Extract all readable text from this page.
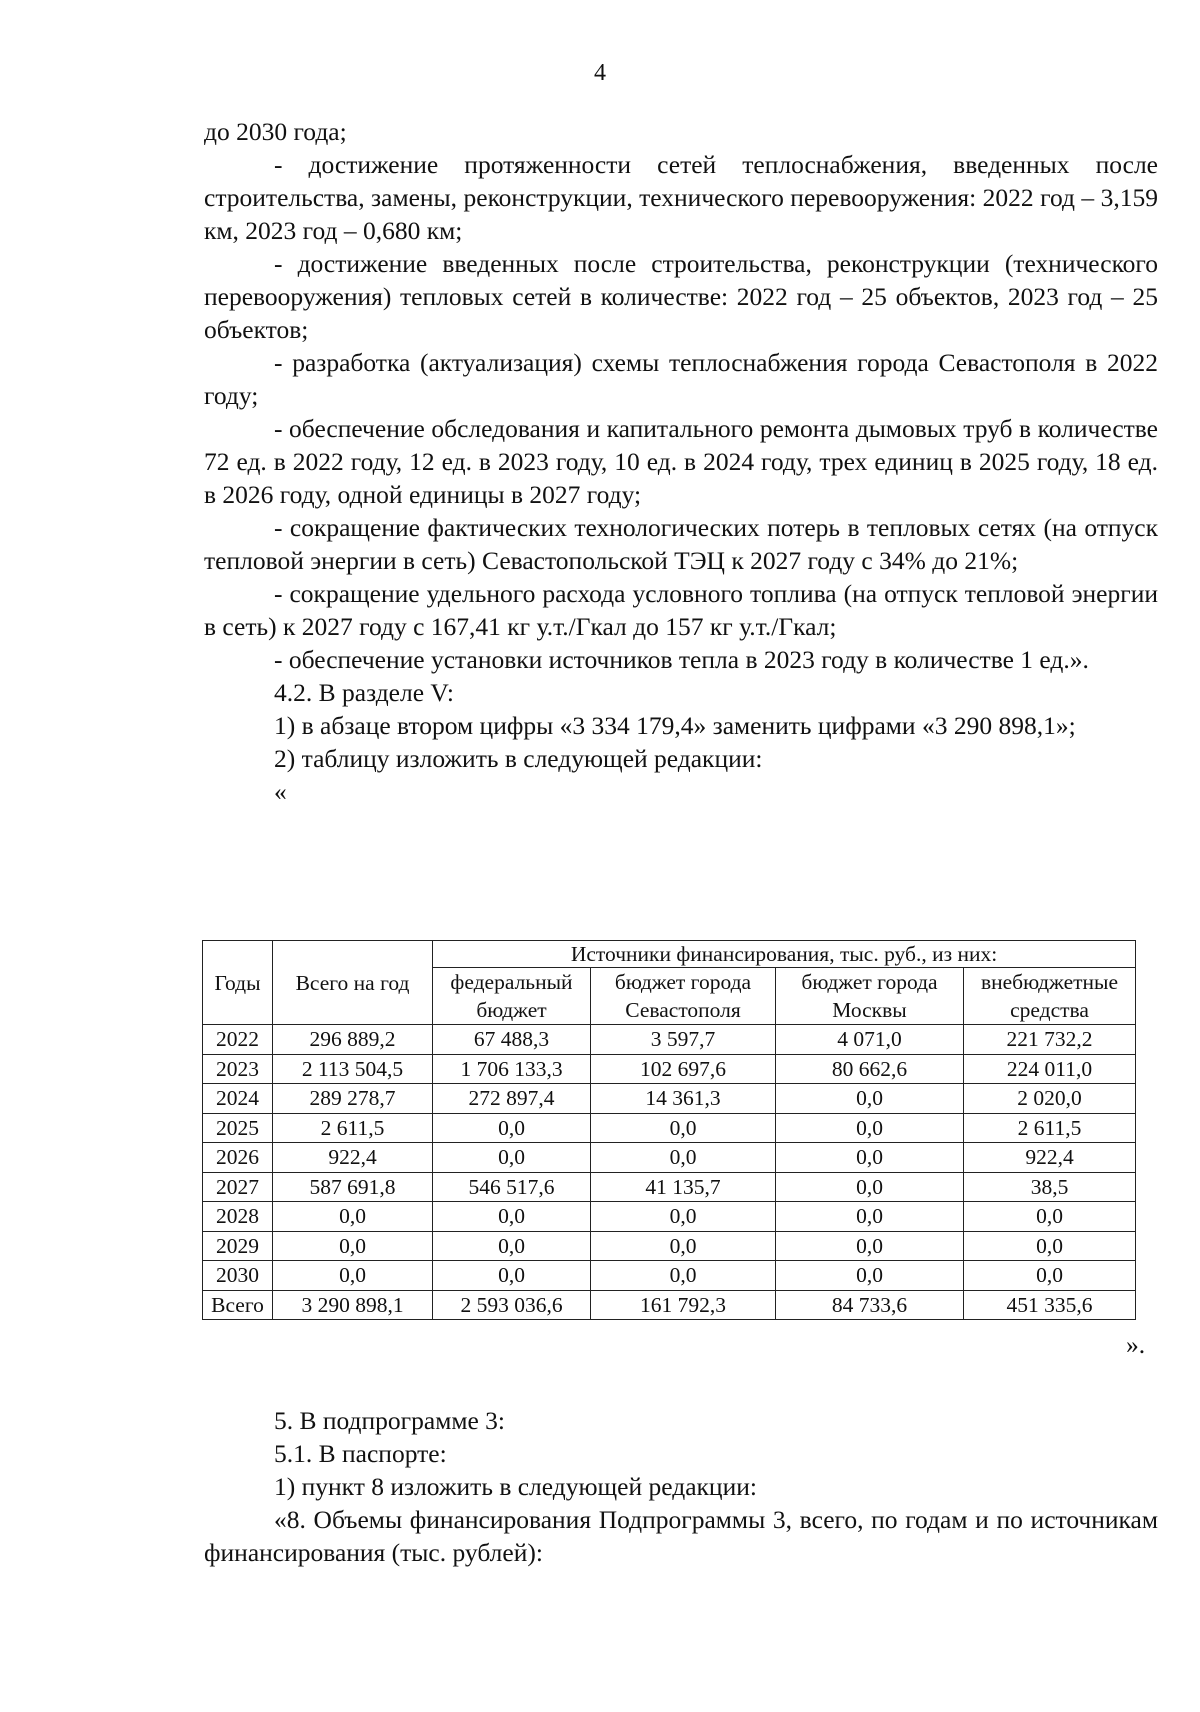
4

до 2030 года;

- достижение протяженности сетей теплоснабжения, введенных после строительства, замены, реконструкции, технического перевооружения: 2022 год – 3,159 км, 2023 год – 0,680 км;

- достижение введенных после строительства, реконструкции (технического перевооружения) тепловых сетей в количестве: 2022 год – 25 объектов, 2023 год – 25 объектов;

- разработка (актуализация) схемы теплоснабжения города Севастополя в 2022 году;

- обеспечение обследования и капитального ремонта дымовых труб в количестве 72 ед. в 2022 году, 12 ед. в 2023 году, 10 ед. в 2024 году, трех единиц в 2025 году, 18 ед. в 2026 году, одной единицы в 2027 году;

- сокращение фактических технологических потерь в тепловых сетях (на отпуск тепловой энергии в сеть) Севастопольской ТЭЦ к 2027 году с 34% до 21%;

- сокращение удельного расхода условного топлива (на отпуск тепловой энергии в сеть) к 2027 году с 167,41 кг у.т./Гкал до 157 кг у.т./Гкал;

- обеспечение установки источников тепла в 2023 году в количестве 1 ед.».

4.2. В разделе V:

1) в абзаце втором цифры «3 334 179,4» заменить цифрами «3 290 898,1»;

2) таблицу изложить в следующей редакции:

«

Годы	Всего на год	Источники финансирования, тыс. руб., из них:			
		федеральный бюджет	бюджет города Севастополя	бюджет города Москвы	внебюджетные средства

2022	296 889,2	67 488,3	3 597,7	4 071,0	221 732,2
2023	2 113 504,5	1 706 133,3	102 697,6	80 662,6	224 011,0
2024	289 278,7	272 897,4	14 361,3	0,0	2 020,0
2025	2 611,5	0,0	0,0	0,0	2 611,5
2026	922,4	0,0	0,0	0,0	922,4
2027	587 691,8	546 517,6	41 135,7	0,0	38,5
2028	0,0	0,0	0,0	0,0	0,0
2029	0,0	0,0	0,0	0,0	0,0
2030	0,0	0,0	0,0	0,0	0,0
Всего	3 290 898,1	2 593 036,6	161 792,3	84 733,6	451 335,6
».

5. В подпрограмме 3:

5.1. В паспорте:

1) пункт 8 изложить в следующей редакции:

«8. Объемы финансирования Подпрограммы 3, всего, по годам и по источникам финансирования (тыс. рублей):
